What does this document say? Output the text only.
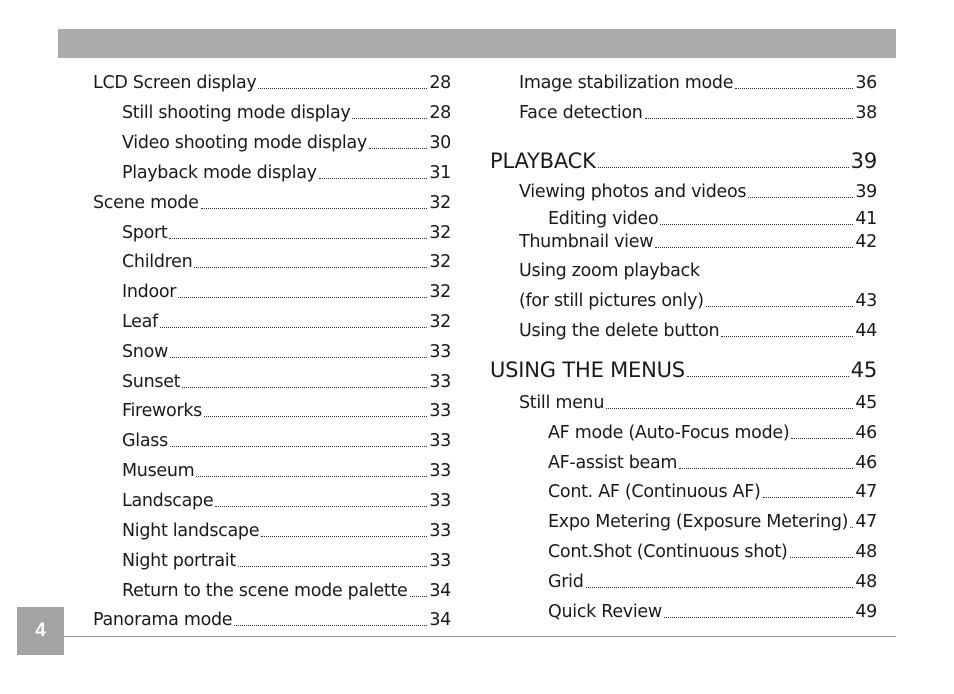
4
LCD Screen display	28
Still shooting mode display	28
Video shooting mode display	30
Playback mode display	31
Scene mode	32
Sport	32
Children	32
Indoor	32
Leaf	32
Snow	33
Sunset	33
Fireworks	33
Glass	33
Museum	33
Landscape	33
Night landscape	33
Night portrait	33
Return to the scene mode palette 34
Panorama mode	34
Image stabilization mode	36
Face detection	38
PLAYBACK	39
Viewing photos and videos	39
Editing video	41
Thumbnail view	42
Using zoom playback
(for still pictures only)	43
Using the delete button	44
USING THE MENUS	45
Still menu	45
AF mode (Auto-Focus mode)	46
AF-assist beam	46
Cont. AF (Continuous AF)	47
Expo Metering (Exposure Metering) 47
Cont.Shot (Continuous shot)	48
Grid	48
Quick Review	49
